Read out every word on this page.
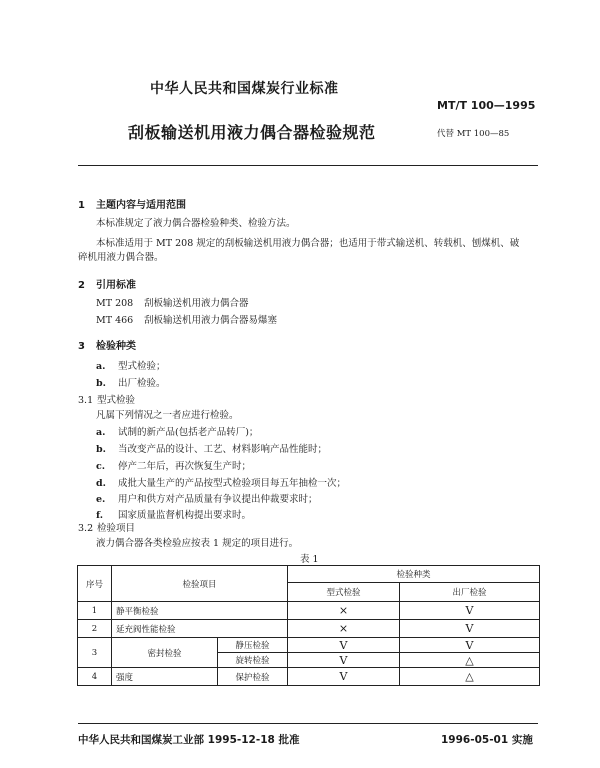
中华人民共和国煤炭行业标准
MT/T 100—1995
刮板输送机用液力偶合器检验规范	代替 MT 100—85
1 主题内容与适用范围
本标准规定了液力偶合器检验种类、检验方法。
本标准适用于 MT 208 规定的刮板输送机用液力偶合器；也适用于带式输送机、转载机、刨煤机、破
碎机用液力偶合器。
2 引用标准
MT 208 刮板输送机用液力偶合器
MT 466 刮板输送机用液力偶合器易爆塞
3 检验种类
a. 型式检验；
b. 出厂检验。
3.1 型式检验
凡属下列情况之一者应进行检验。
a. 试制的新产品(包括老产品转厂)；
b. 当改变产品的设计、工艺、材料影响产品性能时；
c. 停产二年后，再次恢复生产时；
d. 成批大量生产的产品按型式检验项目每五年抽检一次；
e. 用户和供方对产品质量有争议提出仲裁要求时；
f. 国家质量监督机构提出要求时。
3.2 检验项目
液力偶合器各类检验应按表 1 规定的项目进行。
表 1
序号	检验项目		检验种类	
			型式检验	出厂检验
1	静平衡检验		×	V
2	延充阀性能检验		×	V
3	密封检验	静压检验	V	V
		旋转检验	V	△
4	强度	保护检验	V	△
中华人民共和国煤炭工业部 1995-12-18 批准	1996-05-01 实施
